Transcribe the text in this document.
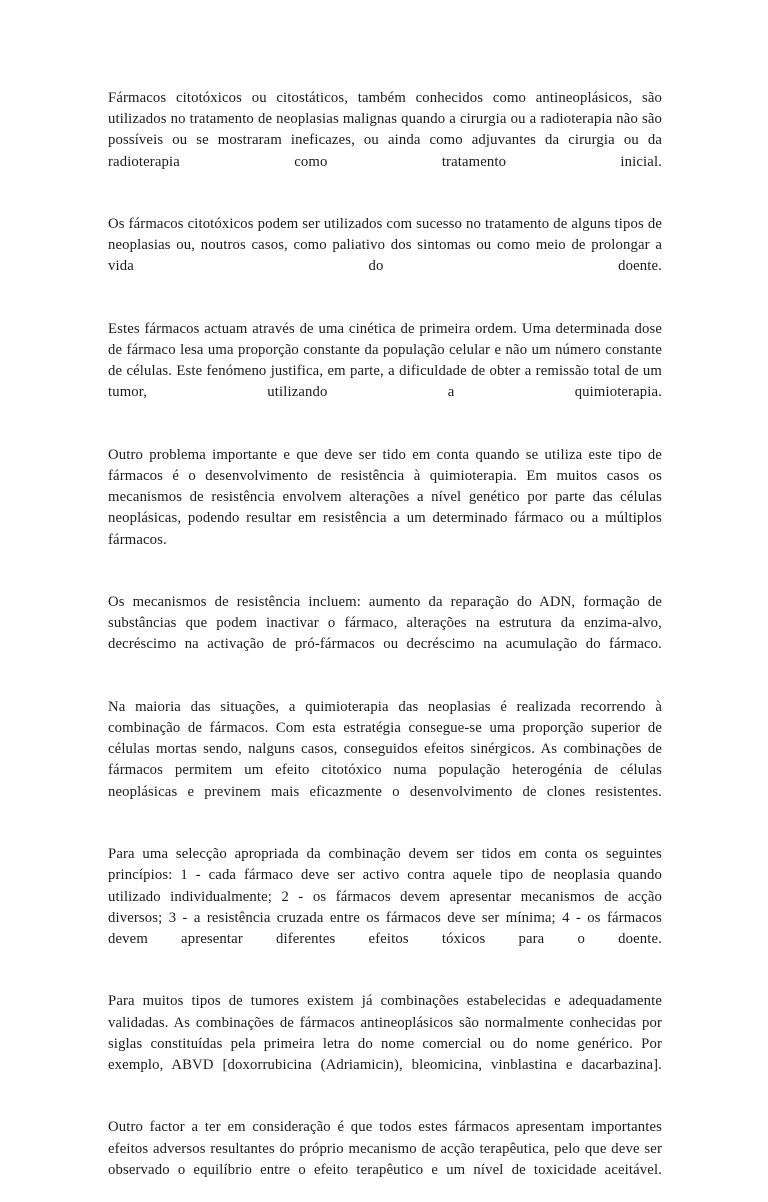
Fármacos citotóxicos ou citostáticos, também conhecidos como antineoplásicos, são utilizados no tratamento de neoplasias malignas quando a cirurgia ou a radioterapia não são possíveis ou se mostraram ineficazes, ou ainda como adjuvantes da cirurgia ou da radioterapia como tratamento inicial.

Os fármacos citotóxicos podem ser utilizados com sucesso no tratamento de alguns tipos de neoplasias ou, noutros casos, como paliativo dos sintomas ou como meio de prolongar a vida do doente.

Estes fármacos actuam através de uma cinética de primeira ordem. Uma determinada dose de fármaco lesa uma proporção constante da população celular e não um número constante de células. Este fenómeno justifica, em parte, a dificuldade de obter a remissão total de um tumor, utilizando a quimioterapia.

Outro problema importante e que deve ser tido em conta quando se utiliza este tipo de fármacos é o desenvolvimento de resistência à quimioterapia. Em muitos casos os mecanismos de resistência envolvem alterações a nível genético por parte das células neoplásicas, podendo resultar em resistência a um determinado fármaco ou a múltiplos fármacos.

Os mecanismos de resistência incluem: aumento da reparação do ADN, formação de substâncias que podem inactivar o fármaco, alterações na estrutura da enzima-alvo, decréscimo na activação de pró-fármacos ou decréscimo na acumulação do fármaco.

Na maioria das situações, a quimioterapia das neoplasias é realizada recorrendo à combinação de fármacos. Com esta estratégia consegue-se uma proporção superior de células mortas sendo, nalguns casos, conseguidos efeitos sinérgicos. As combinações de fármacos permitem um efeito citotóxico numa população heterogénia de células neoplásicas e previnem mais eficazmente o desenvolvimento de clones resistentes.

Para uma selecção apropriada da combinação devem ser tidos em conta os seguintes princípios: 1 - cada fármaco deve ser activo contra aquele tipo de neoplasia quando utilizado individualmente; 2 - os fármacos devem apresentar mecanismos de acção diversos; 3 - a resistência cruzada entre os fármacos deve ser mínima; 4 - os fármacos devem apresentar diferentes efeitos tóxicos para o doente.

Para muitos tipos de tumores existem já combinações estabelecidas e adequadamente validadas. As combinações de fármacos antineoplásicos são normalmente conhecidas por siglas constituídas pela primeira letra do nome comercial ou do nome genérico. Por exemplo, ABVD [doxorrubicina (Adriamicin), bleomicina, vinblastina e dacarbazina].

Outro factor a ter em consideração é que todos estes fármacos apresentam importantes efeitos adversos resultantes do próprio mecanismo de acção terapêutica, pelo que deve ser observado o equilíbrio entre o efeito terapêutico e um nível de toxicidade aceitável.
